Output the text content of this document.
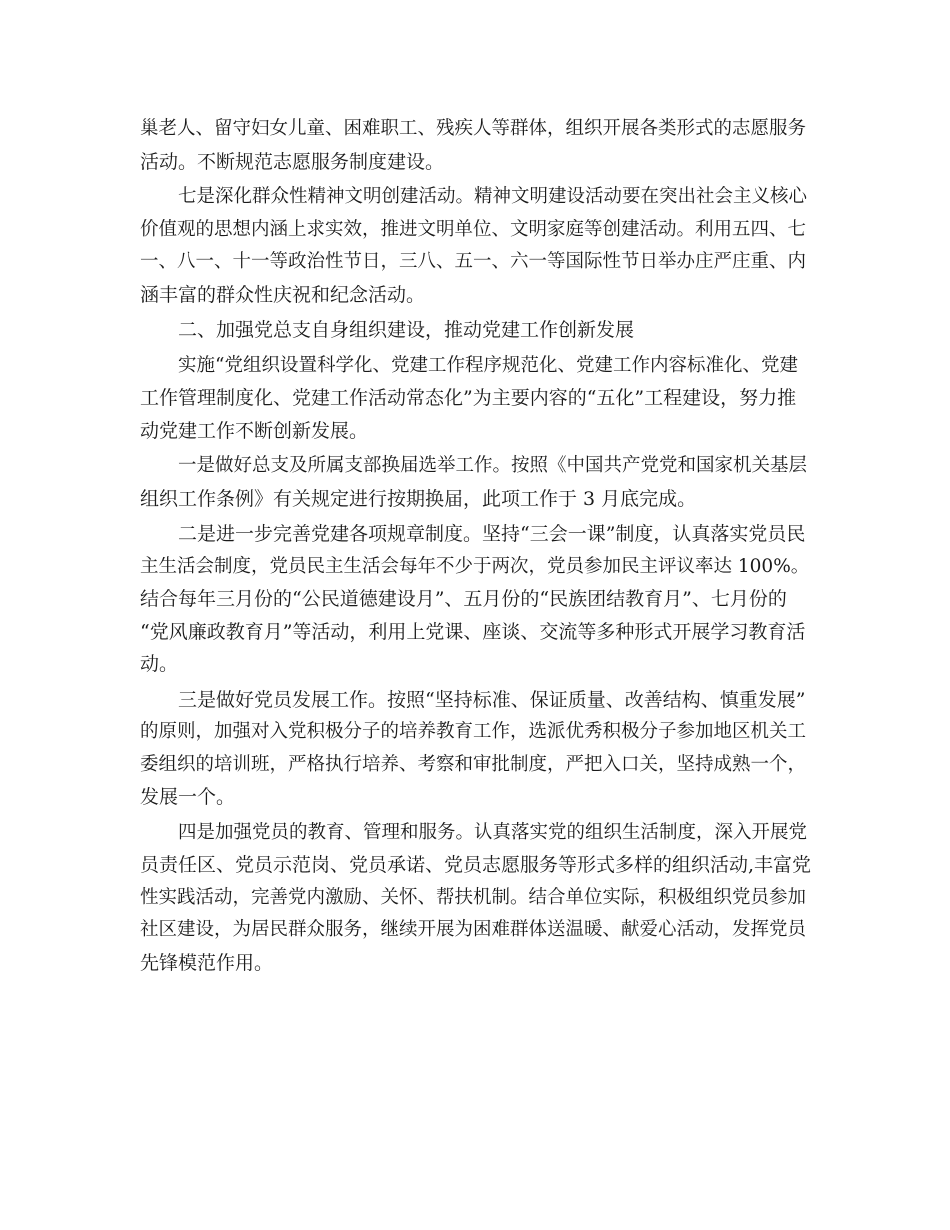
巢老人、留守妇女儿童、困难职工、残疾人等群体，组织开展各类形式的志愿服务
活动。不断规范志愿服务制度建设。

七是深化群众性精神文明创建活动。精神文明建设活动要在突出社会主义核心
价值观的思想内涵上求实效，推进文明单位、文明家庭等创建活动。利用五四、七
一、八一、十一等政治性节日，三八、五一、六一等国际性节日举办庄严庄重、内
涵丰富的群众性庆祝和纪念活动。

二、加强党总支自身组织建设，推动党建工作创新发展

实施“党组织设置科学化、党建工作程序规范化、党建工作内容标准化、党建
工作管理制度化、党建工作活动常态化”为主要内容的“五化”工程建设，努力推
动党建工作不断创新发展。

一是做好总支及所属支部换届选举工作。按照《中国共产党党和国家机关基层
组织工作条例》有关规定进行按期换届，此项工作于 3 月底完成。

二是进一步完善党建各项规章制度。坚持“三会一课”制度，认真落实党员民
主生活会制度，党员民主生活会每年不少于两次，党员参加民主评议率达 100%。
结合每年三月份的“公民道德建设月”、五月份的“民族团结教育月”、七月份的
“党风廉政教育月”等活动，利用上党课、座谈、交流等多种形式开展学习教育活
动。

三是做好党员发展工作。按照“坚持标准、保证质量、改善结构、慎重发展”
的原则，加强对入党积极分子的培养教育工作，选派优秀积极分子参加地区机关工
委组织的培训班，严格执行培养、考察和审批制度，严把入口关，坚持成熟一个，
发展一个。

四是加强党员的教育、管理和服务。认真落实党的组织生活制度，深入开展党
员责任区、党员示范岗、党员承诺、党员志愿服务等形式多样的组织活动,丰富党
性实践活动，完善党内激励、关怀、帮扶机制。结合单位实际，积极组织党员参加
社区建设，为居民群众服务，继续开展为困难群体送温暖、献爱心活动，发挥党员
先锋模范作用。
